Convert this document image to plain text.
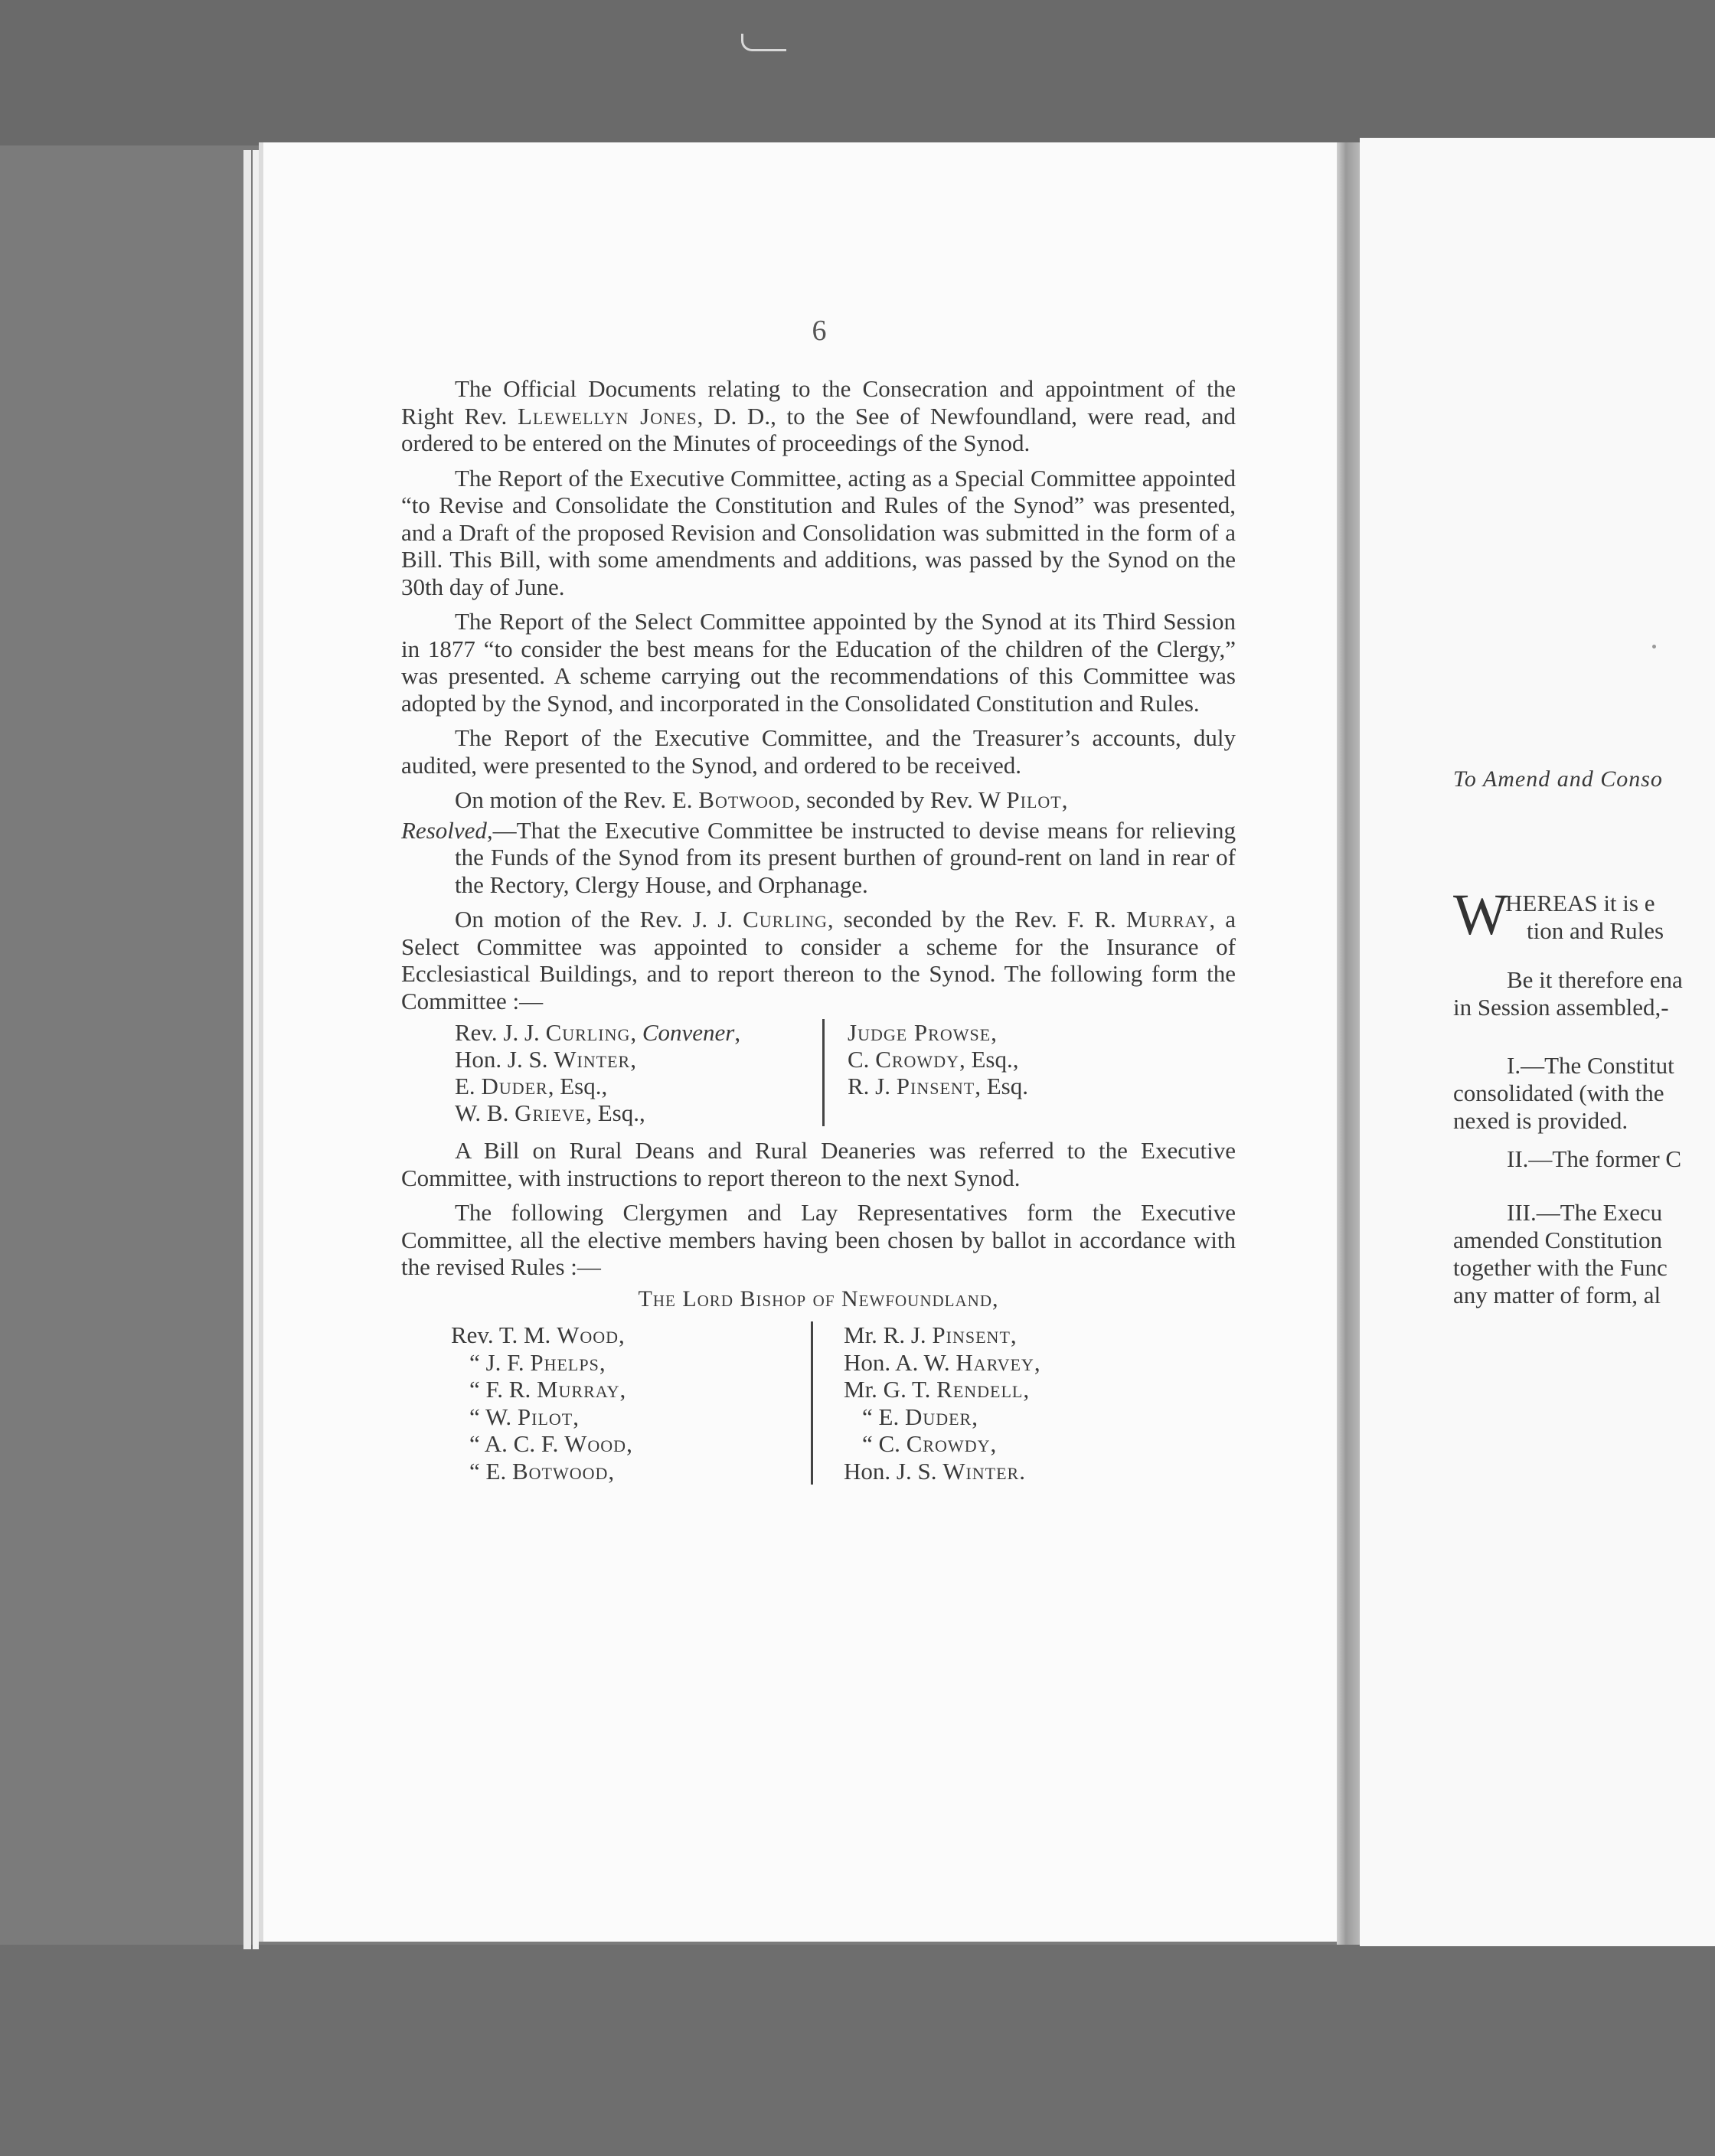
6

The Official Documents relating to the Consecration and appointment of the Right Rev. Llewellyn Jones, D. D., to the See of Newfoundland, were read, and ordered to be entered on the Minutes of proceedings of the Synod.

The Report of the Executive Committee, acting as a Special Committee appointed “to Revise and Consolidate the Constitution and Rules of the Synod” was presented, and a Draft of the proposed Revision and Consolidation was submitted in the form of a Bill. This Bill, with some amendments and additions, was passed by the Synod on the 30th day of June.

The Report of the Select Committee appointed by the Synod at its Third Session in 1877 “to consider the best means for the Education of the children of the Clergy,” was presented. A scheme carrying out the recommendations of this Committee was adopted by the Synod, and incorporated in the Consolidated Constitution and Rules.

The Report of the Executive Committee, and the Treasurer’s accounts, duly audited, were presented to the Synod, and ordered to be received.

On motion of the Rev. E. Botwood, seconded by Rev. W Pilot,

Resolved,—That the Executive Committee be instructed to devise means for relieving the Funds of the Synod from its present burthen of ground-rent on land in rear of the Rectory, Clergy House, and Orphanage.

On motion of the Rev. J. J. Curling, seconded by the Rev. F. R. Murray, a Select Committee was appointed to consider a scheme for the Insurance of Ecclesiastical Buildings, and to report thereon to the Synod. The following form the Committee :—

Rev. J. J. Curling, Convener,
Hon. J. S. Winter,
E. Duder, Esq.,
W. B. Grieve, Esq.,
Judge Prowse,
C. Crowdy, Esq.,
R. J. Pinsent, Esq.

A Bill on Rural Deans and Rural Deaneries was referred to the Executive Committee, with instructions to report thereon to the next Synod.

The following Clergymen and Lay Representatives form the Executive Committee, all the elective members having been chosen by ballot in accordance with the revised Rules :—

The Lord Bishop of Newfoundland,
Rev. T. M. Wood,
“ J. F. Phelps,
“ F. R. Murray,
“ W. Pilot,
“ A. C. F. Wood,
“ E. Botwood,
Mr. R. J. Pinsent,
Hon. A. W. Harvey,
Mr. G. T. Rendell,
“ E. Duder,
“ C. Crowdy,
Hon. J. S. Winter.
To Amend and Conso
W
HEREAS it is e
tion and Rules
Be it therefore ena
in Session assembled,-
I.—The Constitut
consolidated (with the
nexed is provided.
II.—The former C
III.—The Execu
amended Constitution
together with the Func
any matter of form, al
